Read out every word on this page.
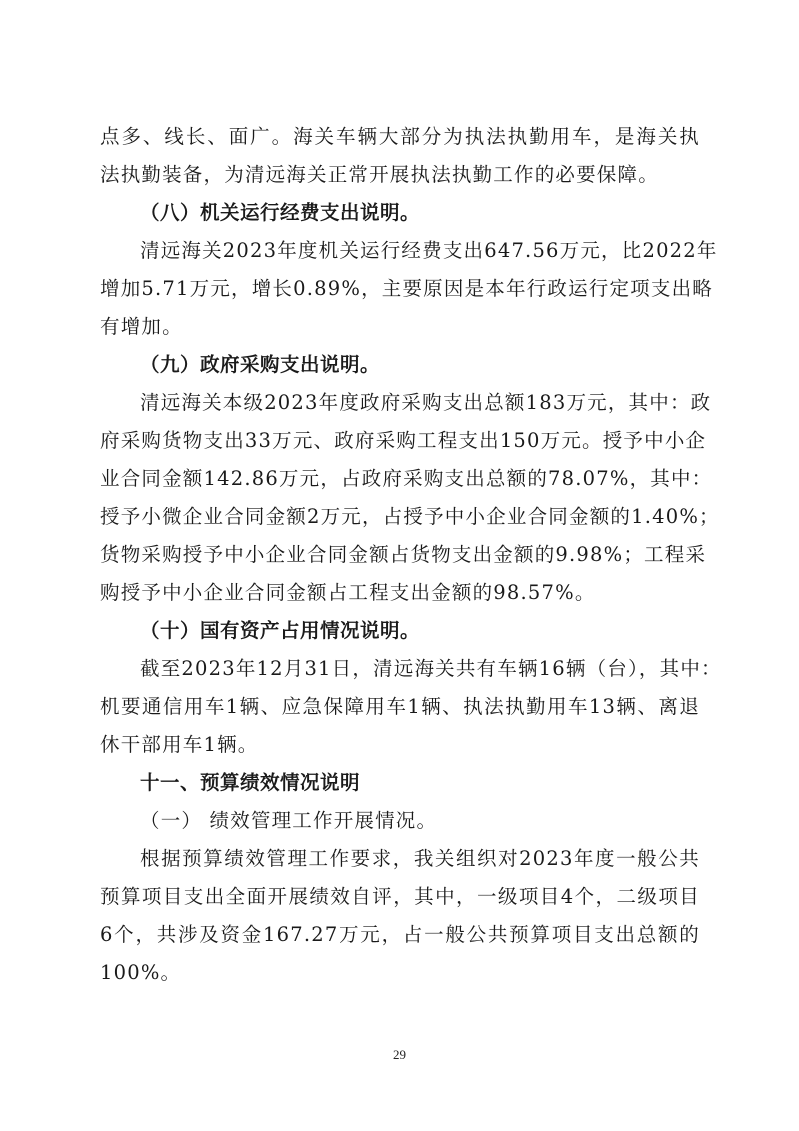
点多、线长、面广。海关车辆大部分为执法执勤用车，是海关执
法执勤装备，为清远海关正常开展执法执勤工作的必要保障。
（八）机关运行经费支出说明。
清远海关2023年度机关运行经费支出647.56万元，比2022年
增加5.71万元，增长0.89%，主要原因是本年行政运行定项支出略
有增加。
（九）政府采购支出说明。
清远海关本级2023年度政府采购支出总额183万元，其中：政
府采购货物支出33万元、政府采购工程支出150万元。授予中小企
业合同金额142.86万元，占政府采购支出总额的78.07%，其中：
授予小微企业合同金额2万元，占授予中小企业合同金额的1.40%；
货物采购授予中小企业合同金额占货物支出金额的9.98%；工程采
购授予中小企业合同金额占工程支出金额的98.57%。
（十）国有资产占用情况说明。
截至2023年12月31日，清远海关共有车辆16辆（台），其中：
机要通信用车1辆、应急保障用车1辆、执法执勤用车13辆、离退
休干部用车1辆。
十一、预算绩效情况说明
（一） 绩效管理工作开展情况。
根据预算绩效管理工作要求，我关组织对2023年度一般公共
预算项目支出全面开展绩效自评，其中，一级项目4个，二级项目
6个，共涉及资金167.27万元，占一般公共预算项目支出总额的
100%。
29
